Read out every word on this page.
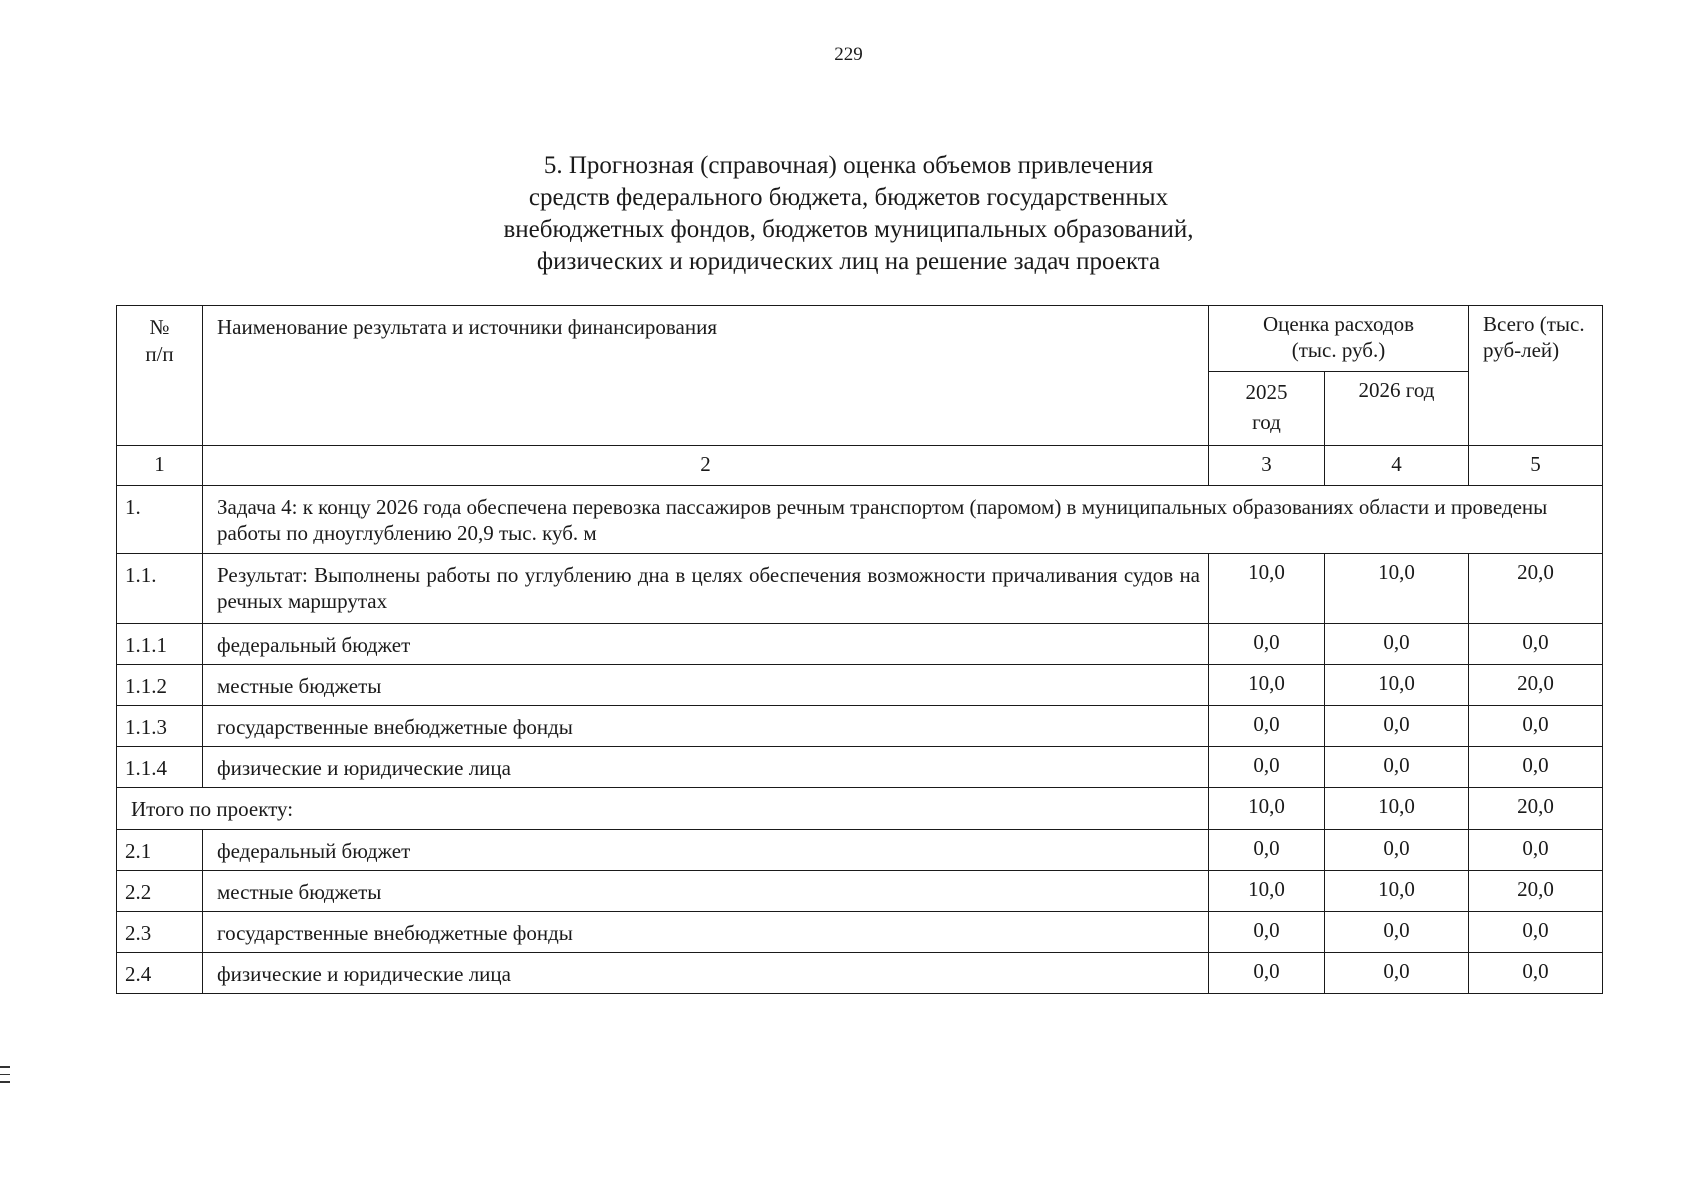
229
5. Прогнозная (справочная) оценка объемов привлечения
средств федерального бюджета, бюджетов государственных
внебюджетных фондов, бюджетов муниципальных образований,
физических и юридических лиц на решение задач проекта
№ п/п	Наименование результата и источники финансирования	Оценка расходов (тыс. руб.)		Всего (тыс. руб-лей)

		2025 год	2026 год	
1	2	3	4	5
1.	Задача 4: к концу 2026 года обеспечена перевозка пассажиров речным транспортом (паромом) в муниципальных образованиях области и проведены работы по дноуглублению 20,9 тыс. куб. м			
1.1.	Результат: Выполнены работы по углублению дна в целях обеспечения возможности причаливания судов на речных маршрутах	10,0	10,0	20,0
1.1.1	федеральный бюджет	0,0	0,0	0,0
1.1.2	местные бюджеты	10,0	10,0	20,0
1.1.3	государственные внебюджетные фонды	0,0	0,0	0,0
1.1.4	физические и юридические лица	0,0	0,0	0,0
Итого по проекту:		10,0	10,0	20,0
2.1	федеральный бюджет	0,0	0,0	0,0
2.2	местные бюджеты	10,0	10,0	20,0
2.3	государственные внебюджетные фонды	0,0	0,0	0,0
2.4	физические и юридические лица	0,0	0,0	0,0
